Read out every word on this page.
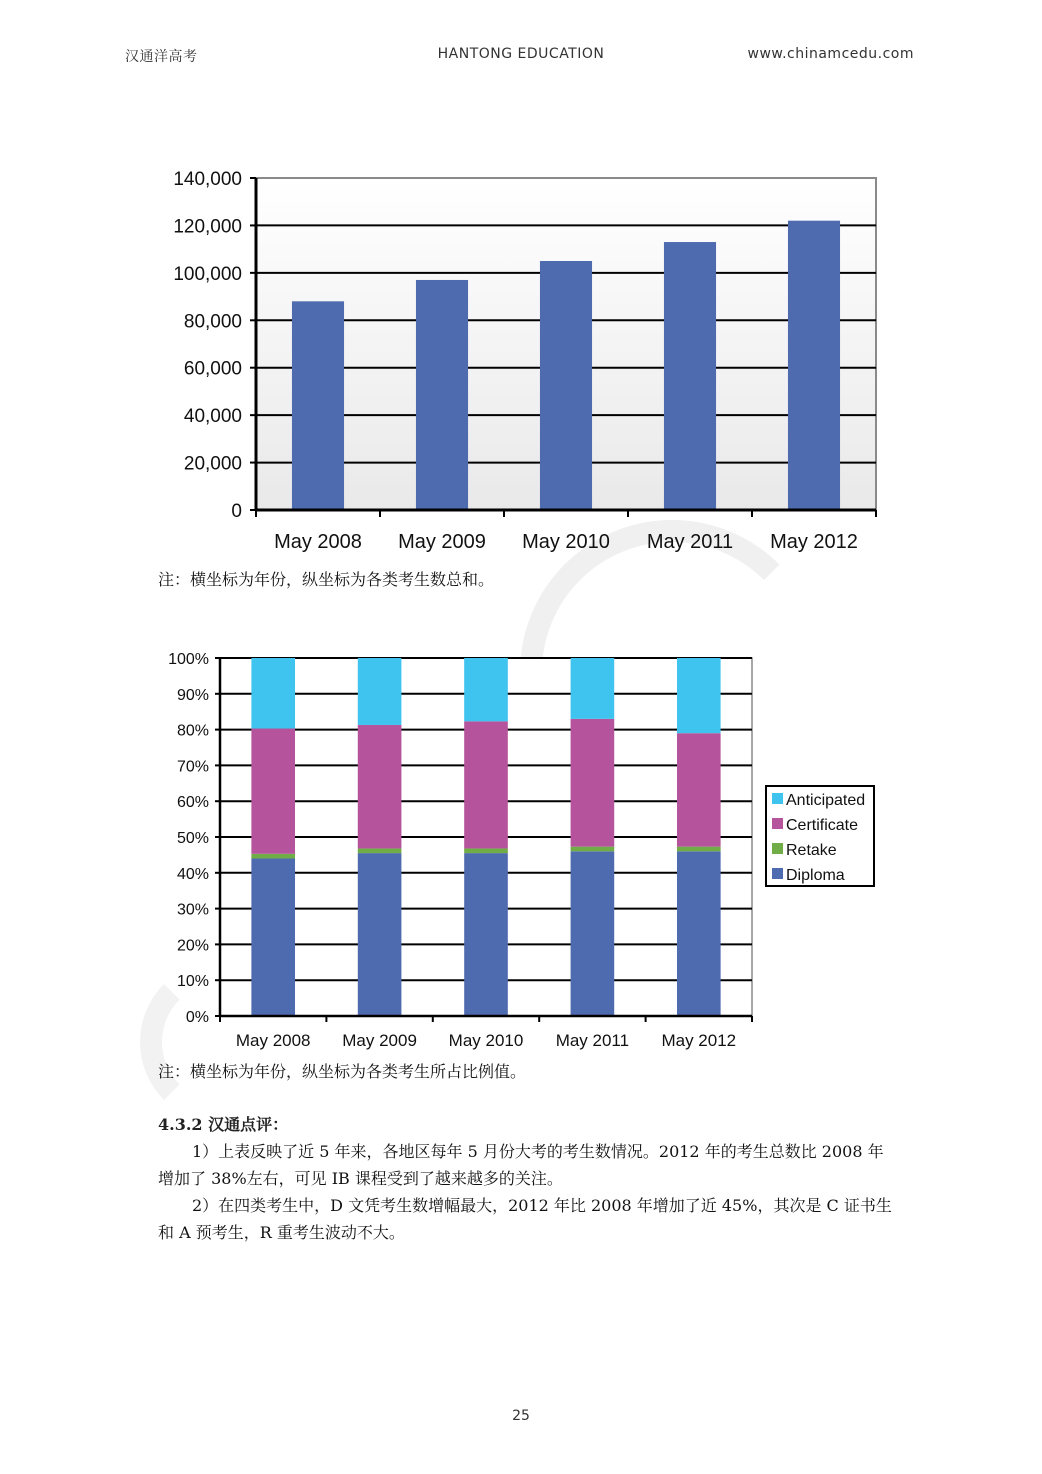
汉通洋高考	HANTONG EDUCATION	www.chinamcedu.com
0
20,000
40,000
60,000
80,000
100,000
120,000
140,000
May 2008 May 2009 May 2010 May 2011 May 2012
注：横坐标为年份，纵坐标为各类考生数总和。
0%
10%
20%
30%
40%
50%
60%
70%
80%
90%
100%
May 2008 May 2009 May 2010 May 2011 May 2012
Anticipated
Certificate
Retake
Diploma
注：横坐标为年份，纵坐标为各类考生所占比例值。
4.3.2 汉通点评：

1）上表反映了近 5 年来，各地区每年 5 月份大考的考生数情况。2012 年的考生总数比 2008 年增加了 38%左右，可见 IB 课程受到了越来越多的关注。

2）在四类考生中，D 文凭考生数增幅最大，2012 年比 2008 年增加了近 45%，其次是 C 证书生和 A 预考生，R 重考生波动不大。

25
